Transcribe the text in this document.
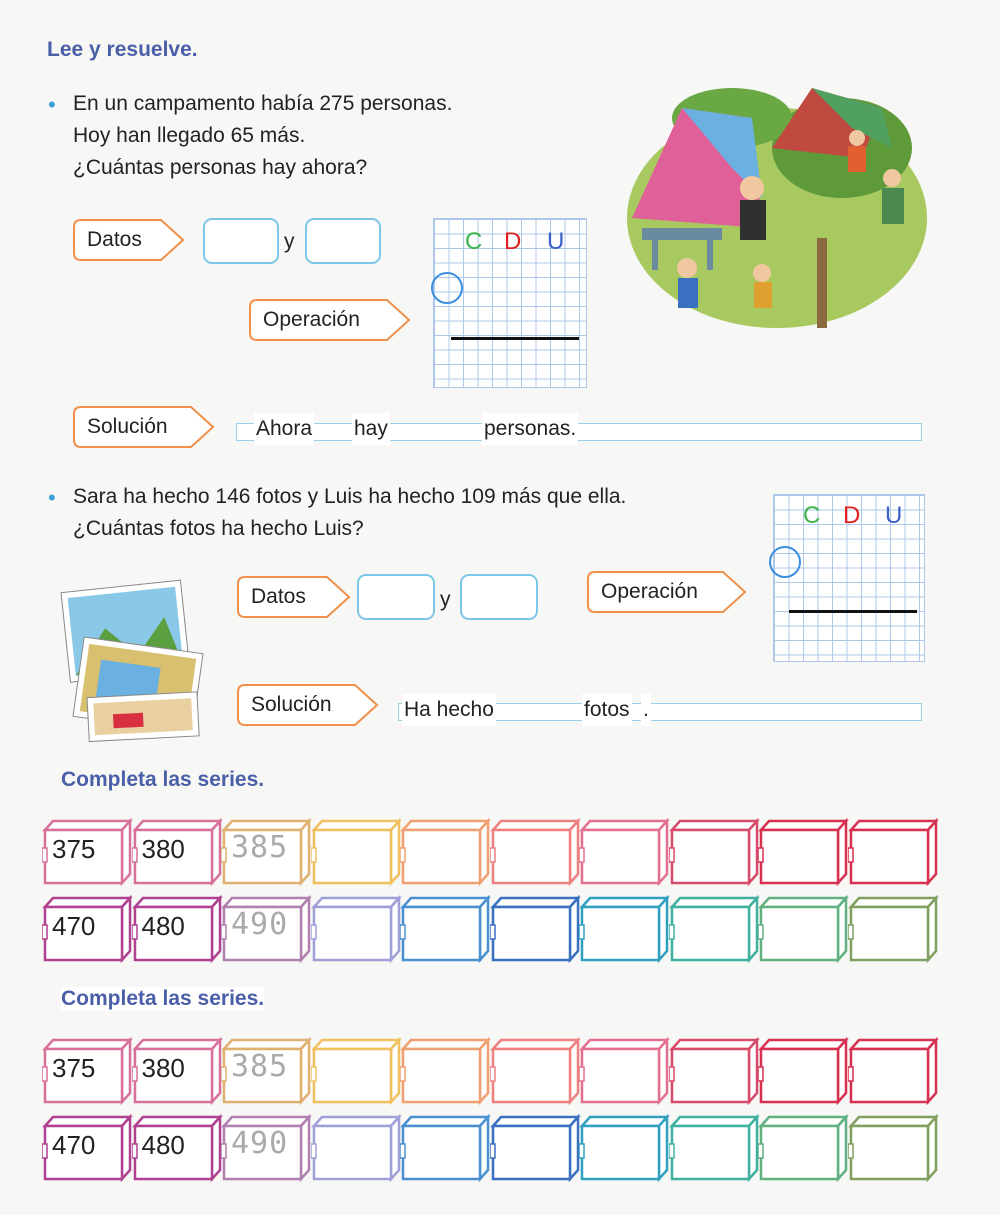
Lee y resuelve.
• En un campamento había 275 personas.
Hoy han llegado 65 más.
¿Cuántas personas hay ahora?
Datos	y
Operación
C D U
Solución	Ahora hay	personas.
• Sara ha hecho 146 fotos y Luis ha hecho 109 más que ella.
¿Cuántas fotos ha hecho Luis?
Datos	y	Operación
C D U
Solución	Ha hecho	fotos .
Completa las series.
375 380 385
470 480 490
Completa las series.
375 380 385
470 480 490
